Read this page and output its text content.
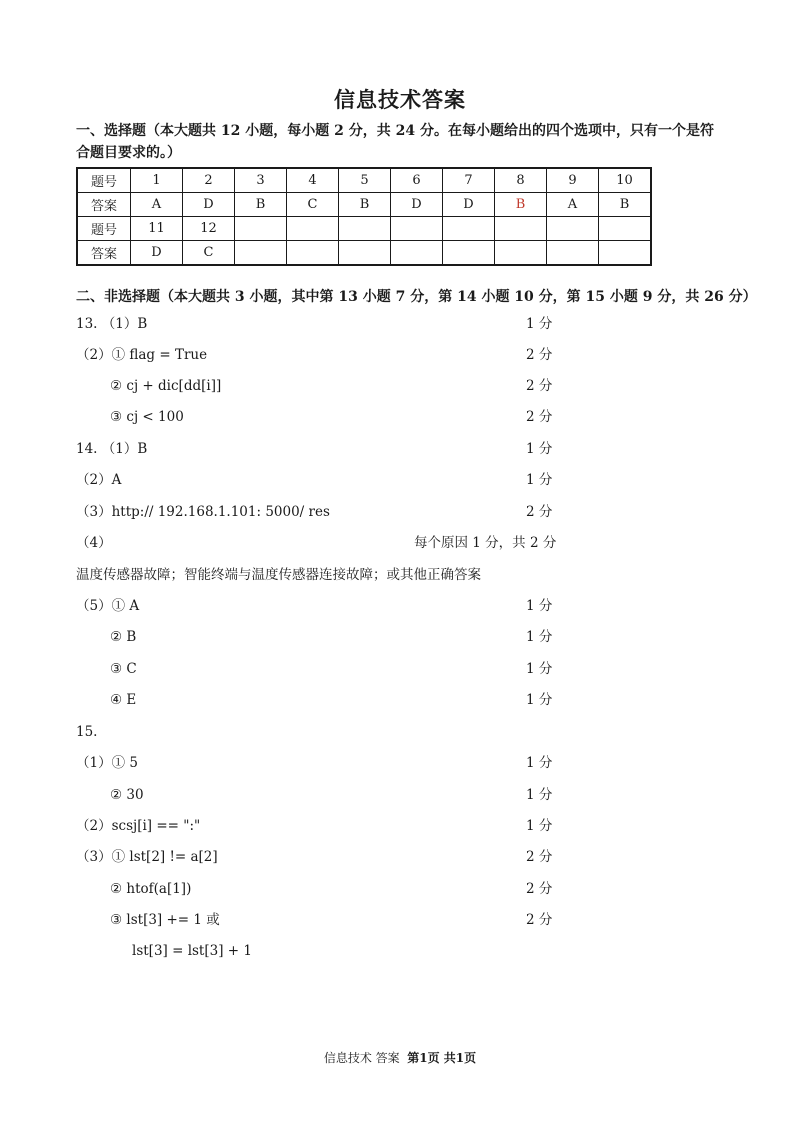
信息技术答案
一、选择题（本大题共 12 小题，每小题 2 分，共 24 分。在每小题给出的四个选项中，只有一个是符合题目要求的。）
题号	1	2	3	4	5	6	7	8	9	10
答案	A	D	B	C	B	D	D	B	A	B
题号	11	12								
答案	D	C								
二、非选择题（本大题共 3 小题，其中第 13 小题 7 分，第 14 小题 10 分，第 15 小题 9 分，共 26 分）
13. （1）B	1 分
（2）① flag = True	2 分
② cj + dic[dd[i]]	2 分
③ cj < 100	2 分
14. （1）B	1 分
（2）A	1 分
（3）http:// 192.168.1.101: 5000/ res	2 分
（4）	每个原因 1 分，共 2 分
温度传感器故障；智能终端与温度传感器连接故障；或其他正确答案
（5）① A	1 分
② B	1 分
③ C	1 分
④ E	1 分
15.
（1）① 5	1 分
② 30	1 分
（2）scsj[i] == ":"	1 分
（3）① lst[2] != a[2]	2 分
② htof(a[1])	2 分
③ lst[3] += 1 或	2 分
lst[3] = lst[3] + 1
信息技术 答案 第1页 共1页
